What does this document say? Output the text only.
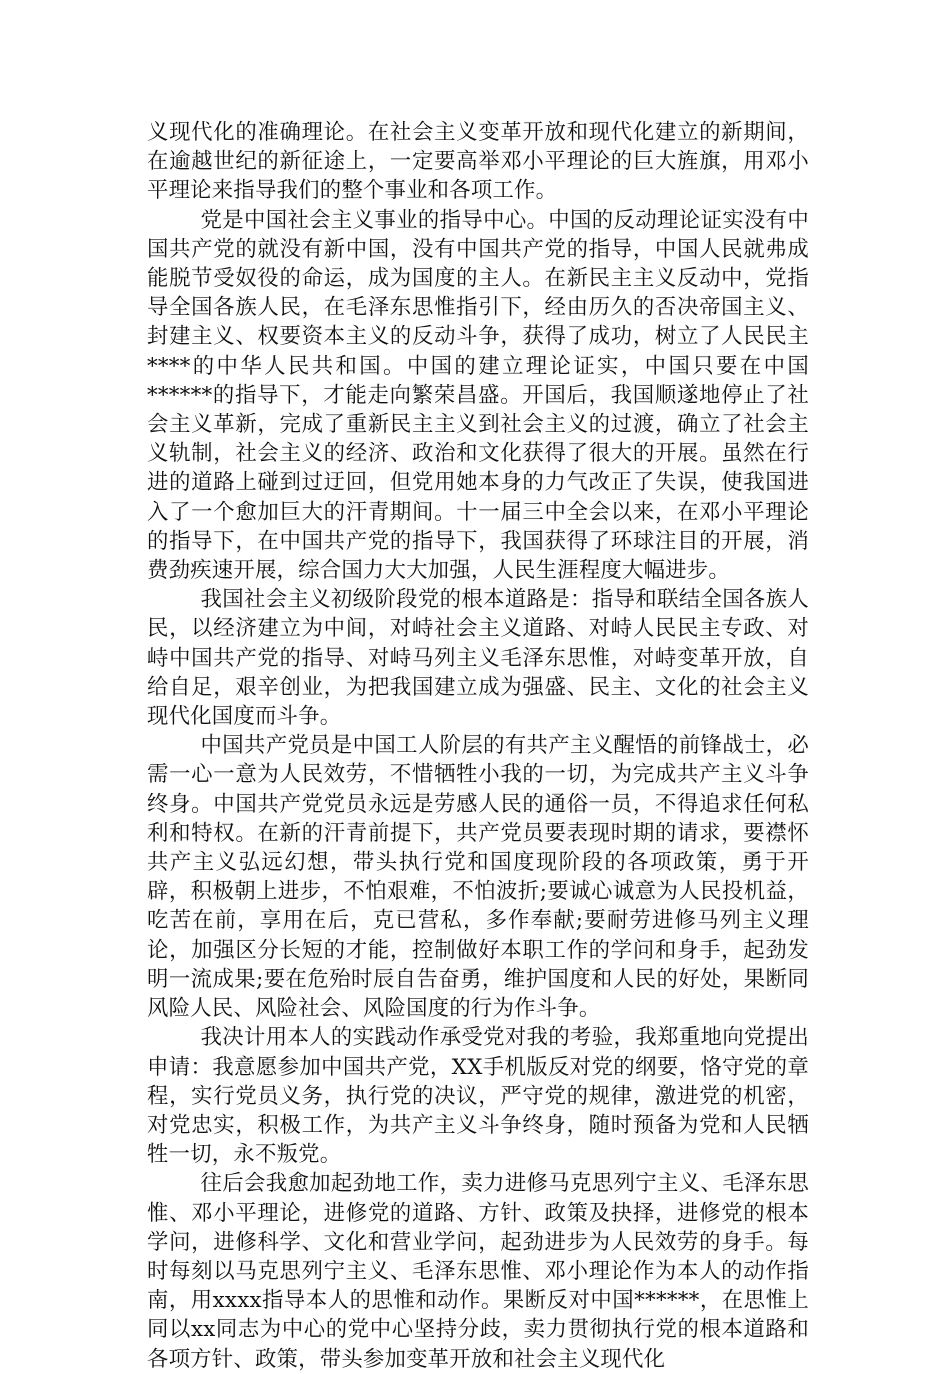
义现代化的准确理论。在社会主义变革开放和现代化建立的新期间，在逾越世纪的新征途上，一定要高举邓小平理论的巨大旌旗，用邓小平理论来指导我们的整个事业和各项工作。

党是中国社会主义事业的指导中心。中国的反动理论证实没有中国共产党的就没有新中国，没有中国共产党的指导，中国人民就弗成能脱节受奴役的命运，成为国度的主人。在新民主主义反动中，党指导全国各族人民，在毛泽东思惟指引下，经由历久的否决帝国主义、封建主义、权要资本主义的反动斗争，获得了成功，树立了人民民主****的中华人民共和国。中国的建立理论证实，中国只要在中国******的指导下，才能走向繁荣昌盛。开国后，我国顺遂地停止了社会主义革新，完成了重新民主主义到社会主义的过渡，确立了社会主义轨制，社会主义的经济、政治和文化获得了很大的开展。虽然在行进的道路上碰到过迂回，但党用她本身的力气改正了失误，使我国进入了一个愈加巨大的汗青期间。十一届三中全会以来，在邓小平理论的指导下，在中国共产党的指导下，我国获得了环球注目的开展，消费劲疾速开展，综合国力大大加强，人民生涯程度大幅进步。

我国社会主义初级阶段党的根本道路是：指导和联结全国各族人民，以经济建立为中间，对峙社会主义道路、对峙人民民主专政、对峙中国共产党的指导、对峙马列主义毛泽东思惟，对峙变革开放，自给自足，艰辛创业，为把我国建立成为强盛、民主、文化的社会主义现代化国度而斗争。

中国共产党员是中国工人阶层的有共产主义醒悟的前锋战士，必需一心一意为人民效劳，不惜牺牲小我的一切，为完成共产主义斗争终身。中国共产党党员永远是劳感人民的通俗一员，不得追求任何私利和特权。在新的汗青前提下，共产党员要表现时期的请求，要襟怀共产主义弘远幻想，带头执行党和国度现阶段的各项政策，勇于开辟，积极朝上进步，不怕艰难，不怕波折;要诚心诚意为人民投机益，吃苦在前，享用在后，克已营私，多作奉献;要耐劳进修马列主义理论，加强区分长短的才能，控制做好本职工作的学问和身手，起劲发明一流成果;要在危殆时辰自告奋勇，维护国度和人民的好处，果断同风险人民、风险社会、风险国度的行为作斗争。

我决计用本人的实践动作承受党对我的考验，我郑重地向党提出申请：我意愿参加中国共产党，XX手机版反对党的纲要，恪守党的章程，实行党员义务，执行党的决议，严守党的规律，激进党的机密，对党忠实，积极工作，为共产主义斗争终身，随时预备为党和人民牺牲一切，永不叛党。

往后会我愈加起劲地工作，卖力进修马克思列宁主义、毛泽东思惟、邓小平理论，进修党的道路、方针、政策及抉择，进修党的根本学问，进修科学、文化和营业学问，起劲进步为人民效劳的身手。每时每刻以马克思列宁主义、毛泽东思惟、邓小理论作为本人的动作指南，用xxxx指导本人的思惟和动作。果断反对中国******，在思惟上同以xx同志为中心的党中心坚持分歧，卖力贯彻执行党的根本道路和各项方针、政策，带头参加变革开放和社会主义现代化
